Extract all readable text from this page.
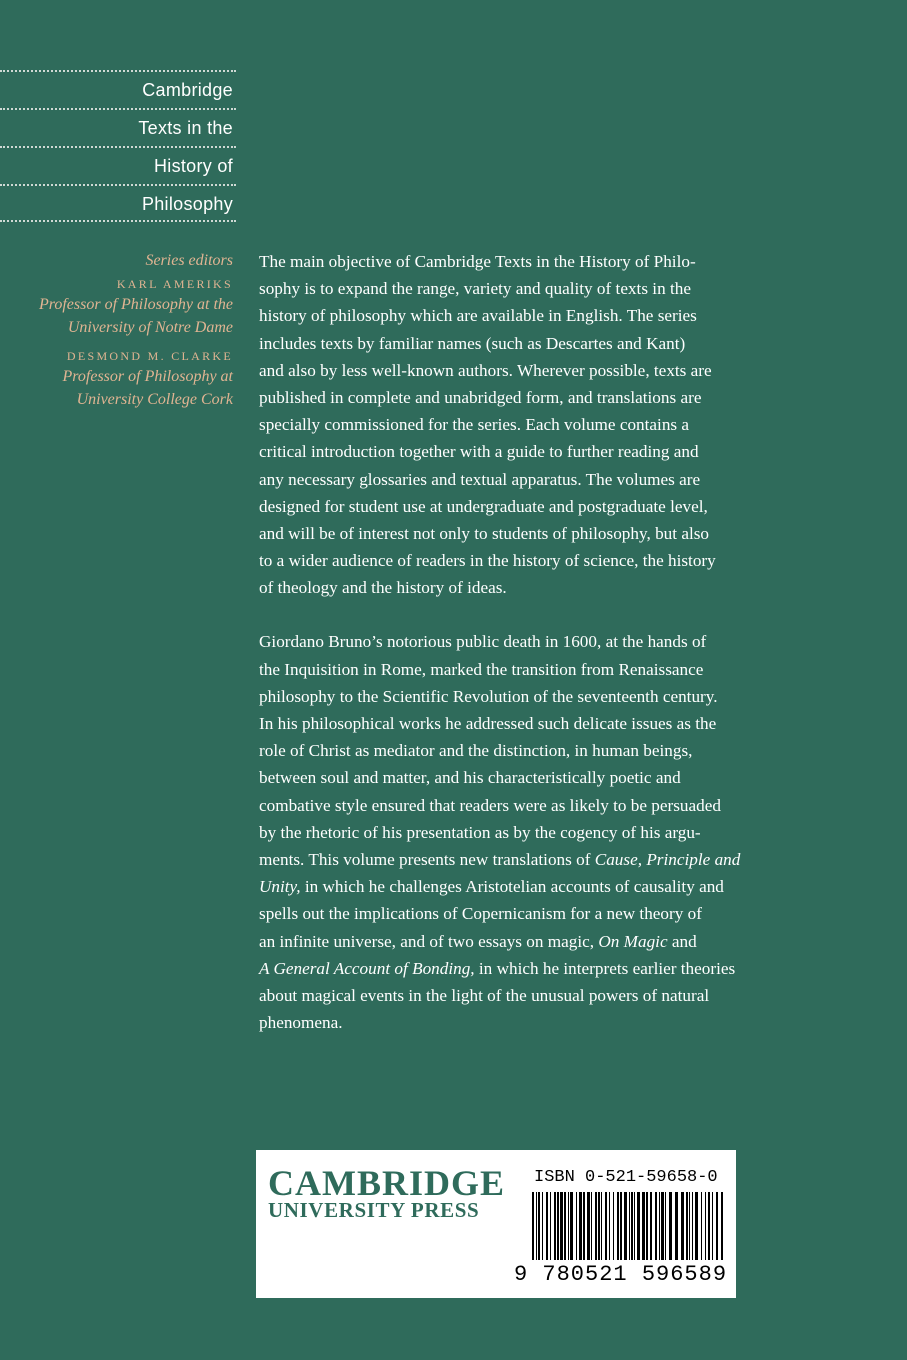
Cambridge
Texts in the
History of
Philosophy
Series editors
KARL AMERIKS
Professor of Philosophy at the
University of Notre Dame
DESMOND M. CLARKE
Professor of Philosophy at
University College Cork
The main objective of Cambridge Texts in the History of Philo-
sophy is to expand the range, variety and quality of texts in the
history of philosophy which are available in English. The series
includes texts by familiar names (such as Descartes and Kant)
and also by less well-known authors. Wherever possible, texts are
published in complete and unabridged form, and translations are
specially commissioned for the series. Each volume contains a
critical introduction together with a guide to further reading and
any necessary glossaries and textual apparatus. The volumes are
designed for student use at undergraduate and postgraduate level,
and will be of interest not only to students of philosophy, but also
to a wider audience of readers in the history of science, the history
of theology and the history of ideas.
Giordano Bruno’s notorious public death in 1600, at the hands of
the Inquisition in Rome, marked the transition from Renaissance
philosophy to the Scientific Revolution of the seventeenth century.
In his philosophical works he addressed such delicate issues as the
role of Christ as mediator and the distinction, in human beings,
between soul and matter, and his characteristically poetic and
combative style ensured that readers were as likely to be persuaded
by the rhetoric of his presentation as by the cogency of his argu-
ments. This volume presents new translations of Cause, Principle and
Unity, in which he challenges Aristotelian accounts of causality and
spells out the implications of Copernicanism for a new theory of
an infinite universe, and of two essays on magic, On Magic and
A General Account of Bonding, in which he interprets earlier theories
about magical events in the light of the unusual powers of natural
phenomena.
CAMBRIDGE
UNIVERSITY PRESS
ISBN 0-521-59658-0
9 780521 596589
